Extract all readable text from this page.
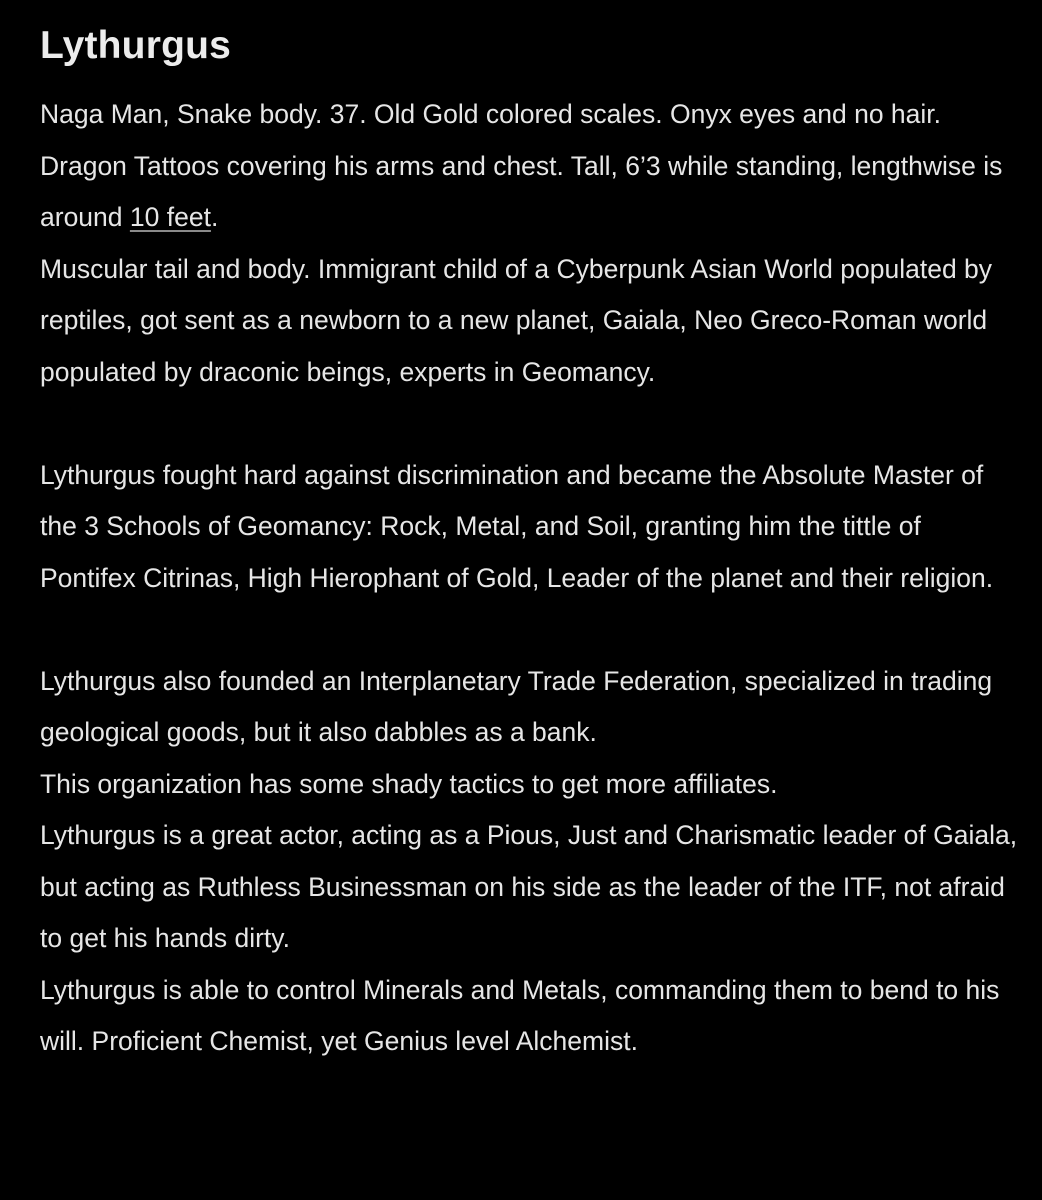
Lythurgus

Naga Man, Snake body. 37. Old Gold colored scales. Onyx eyes and no hair. Dragon Tattoos covering his arms and chest. Tall, 6’3 while standing, lengthwise is around 10 feet.

Muscular tail and body. Immigrant child of a Cyberpunk Asian World populated by reptiles, got sent as a newborn to a new planet, Gaiala, Neo Greco-Roman world populated by draconic beings, experts in Geomancy.

Lythurgus fought hard against discrimination and became the Absolute Master of the 3 Schools of Geomancy: Rock, Metal, and Soil, granting him the tittle of Pontifex Citrinas, High Hierophant of Gold, Leader of the planet and their religion.

Lythurgus also founded an Interplanetary Trade Federation, specialized in trading geological goods, but it also dabbles as a bank.

This organization has some shady tactics to get more affiliates.

Lythurgus is a great actor, acting as a Pious, Just and Charismatic leader of Gaiala, but acting as Ruthless Businessman on his side as the leader of the ITF, not afraid to get his hands dirty.

Lythurgus is able to control Minerals and Metals, commanding them to bend to his will. Proficient Chemist, yet Genius level Alchemist.
